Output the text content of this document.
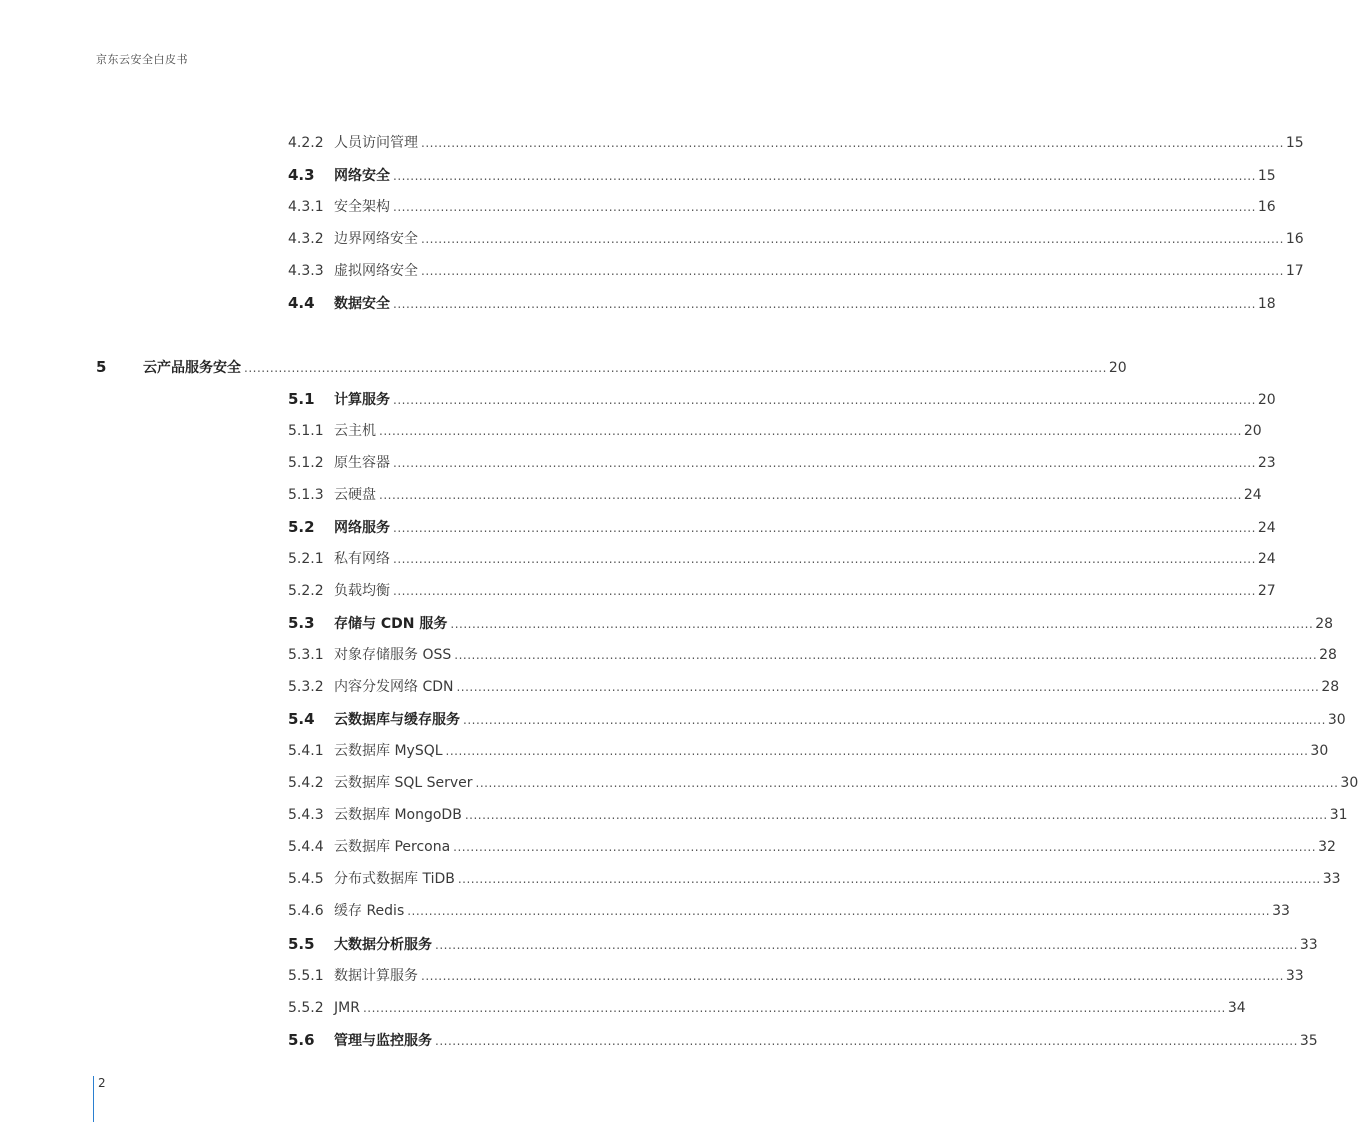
京东云安全白皮书
4.2.2 人员访问管理 ........................................................................................................................................................................................................ 15
4.3	网络安全 ........................................................................................................................................................................................................ 15
4.3.1 安全架构 ........................................................................................................................................................................................................ 16
4.3.2 边界网络安全 ........................................................................................................................................................................................................ 16
4.3.3 虚拟网络安全 ........................................................................................................................................................................................................ 17
4.4	数据安全 ........................................................................................................................................................................................................ 18
5	云产品服务安全 ........................................................................................................................................................................................................ 20
5.1	计算服务 ........................................................................................................................................................................................................ 20
5.1.1 云主机 ........................................................................................................................................................................................................ 20
5.1.2 原生容器 ........................................................................................................................................................................................................ 23
5.1.3 云硬盘 ........................................................................................................................................................................................................ 24
5.2	网络服务 ........................................................................................................................................................................................................ 24
5.2.1 私有网络 ........................................................................................................................................................................................................ 24
5.2.2 负载均衡 ........................................................................................................................................................................................................ 27
5.3	存储与 CDN 服务 ........................................................................................................................................................................................................ 28
5.3.1 对象存储服务 OSS ........................................................................................................................................................................................................ 28
5.3.2 内容分发网络 CDN ........................................................................................................................................................................................................ 28
5.4	云数据库与缓存服务 ........................................................................................................................................................................................................ 30
5.4.1 云数据库 MySQL ........................................................................................................................................................................................................ 30
5.4.2 云数据库 SQL Server ........................................................................................................................................................................................................ 30
5.4.3 云数据库 MongoDB ........................................................................................................................................................................................................ 31
5.4.4 云数据库 Percona ........................................................................................................................................................................................................ 32
5.4.5 分布式数据库 TiDB ........................................................................................................................................................................................................ 33
5.4.6 缓存 Redis ........................................................................................................................................................................................................ 33
5.5	大数据分析服务 ........................................................................................................................................................................................................ 33
5.5.1 数据计算服务 ........................................................................................................................................................................................................ 33
5.5.2 JMR ........................................................................................................................................................................................................ 34
5.6	管理与监控服务 ........................................................................................................................................................................................................ 35
2
